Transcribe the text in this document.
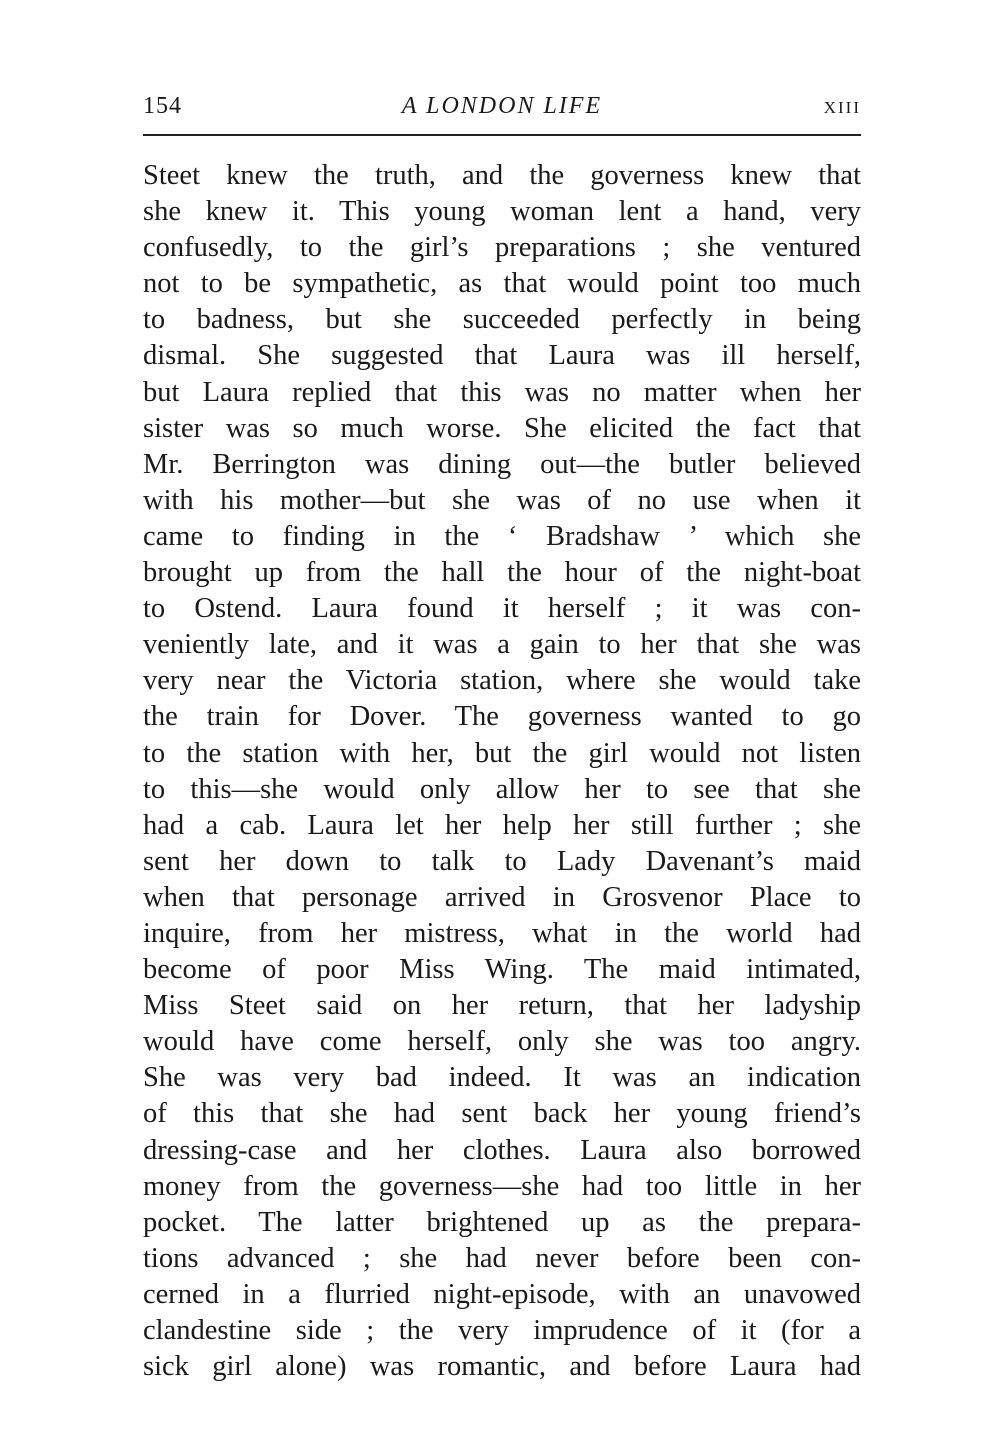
154	A LONDON LIFE	xiii
Steet knew the truth, and the governess knew that
she knew it. This young woman lent a hand, very
confusedly, to the girl’s preparations ; she ventured
not to be sympathetic, as that would point too much
to badness, but she succeeded perfectly in being
dismal. She suggested that Laura was ill herself,
but Laura replied that this was no matter when her
sister was so much worse. She elicited the fact that
Mr. Berrington was dining out—the butler believed
with his mother—but she was of no use when it
came to finding in the ‘ Bradshaw ’ which she
brought up from the hall the hour of the night-boat
to Ostend. Laura found it herself ; it was con-
veniently late, and it was a gain to her that she was
very near the Victoria station, where she would take
the train for Dover. The governess wanted to go
to the station with her, but the girl would not listen
to this—she would only allow her to see that she
had a cab. Laura let her help her still further ; she
sent her down to talk to Lady Davenant’s maid
when that personage arrived in Grosvenor Place to
inquire, from her mistress, what in the world had
become of poor Miss Wing. The maid intimated,
Miss Steet said on her return, that her ladyship
would have come herself, only she was too angry.
She was very bad indeed. It was an indication
of this that she had sent back her young friend’s
dressing-case and her clothes. Laura also borrowed
money from the governess—she had too little in her
pocket. The latter brightened up as the prepara-
tions advanced ; she had never before been con-
cerned in a flurried night-episode, with an unavowed
clandestine side ; the very imprudence of it (for a
sick girl alone) was romantic, and before Laura had
